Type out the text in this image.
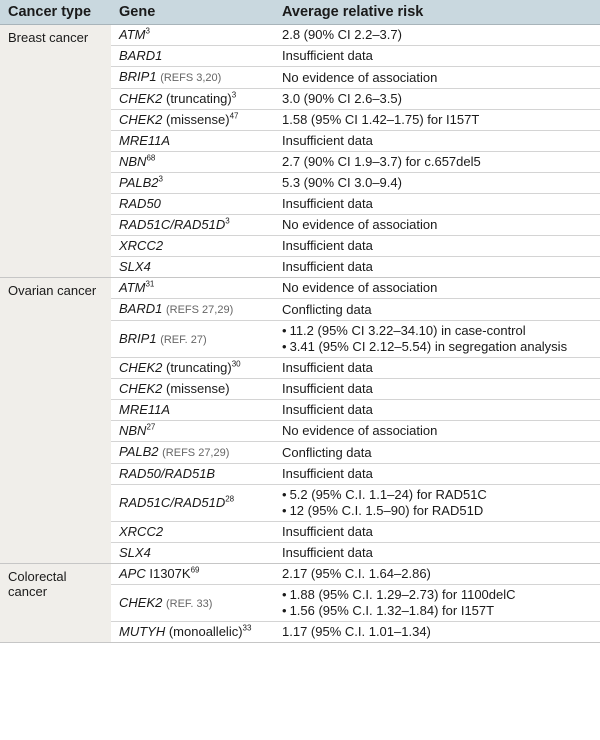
Cancer type	Gene	Average relative risk
Breast cancer	ATM$^3$	2.8 (90% CI 2.2–3.7)
	BARD1	Insufficient data
	BRIP1 (REFS 3,20)	No evidence of association
	CHEK2 (truncating)$^3$	3.0 (90% CI 2.6–3.5)
	CHEK2 (missense)$^{47}$	1.58 (95% CI 1.42–1.75) for I157T
	MRE11A	Insufficient data
	NBN$^{68}$	2.7 (90% CI 1.9–3.7) for c.657del5
	$PALB2^3$	5.3 (90% CI 3.0–9.4)
	RAD50	Insufficient data
	$RAD51C/RAD51D^3$	No evidence of association
	XRCC2	Insufficient data
	SLX4	Insufficient data
Ovarian cancer	ATM$^{31}$	No evidence of association
	BARD1 (REFS 27,29)	Conflicting data
	BRIP1 (REF. 27)	• 11.2 (95% CI 3.22–34.10) in case-control
• 3.41 (95% CI 2.12–5.54) in segregation analysis

	CHEK2 (truncating)$^{30}$	Insufficient data
	CHEK2 (missense)	Insufficient data
	MRE11A	Insufficient data
	NBN$^{27}$	No evidence of association
	PALB2 (REFS 27,29)	Conflicting data
	RAD50/RAD51B	Insufficient data
	$RAD51C/RAD51D^{28}$	• 5.2 (95% C.I. 1.1–24) for RAD51C
• 12 (95% C.I. 1.5–90) for RAD51D

	XRCC2	Insufficient data
	SLX4	Insufficient data
Colorectal cancer	APC $I1307K^{69}$	2.17 (95% C.I. 1.64–2.86)
	CHEK2 (REF. 33)	• 1.88 (95% C.I. 1.29–2.73) for 1100delC
• 1.56 (95% C.I. 1.32–1.84) for I157T

	MUTYH (monoallelic)$^{33}$	1.17 (95% C.I. 1.01–1.34)
